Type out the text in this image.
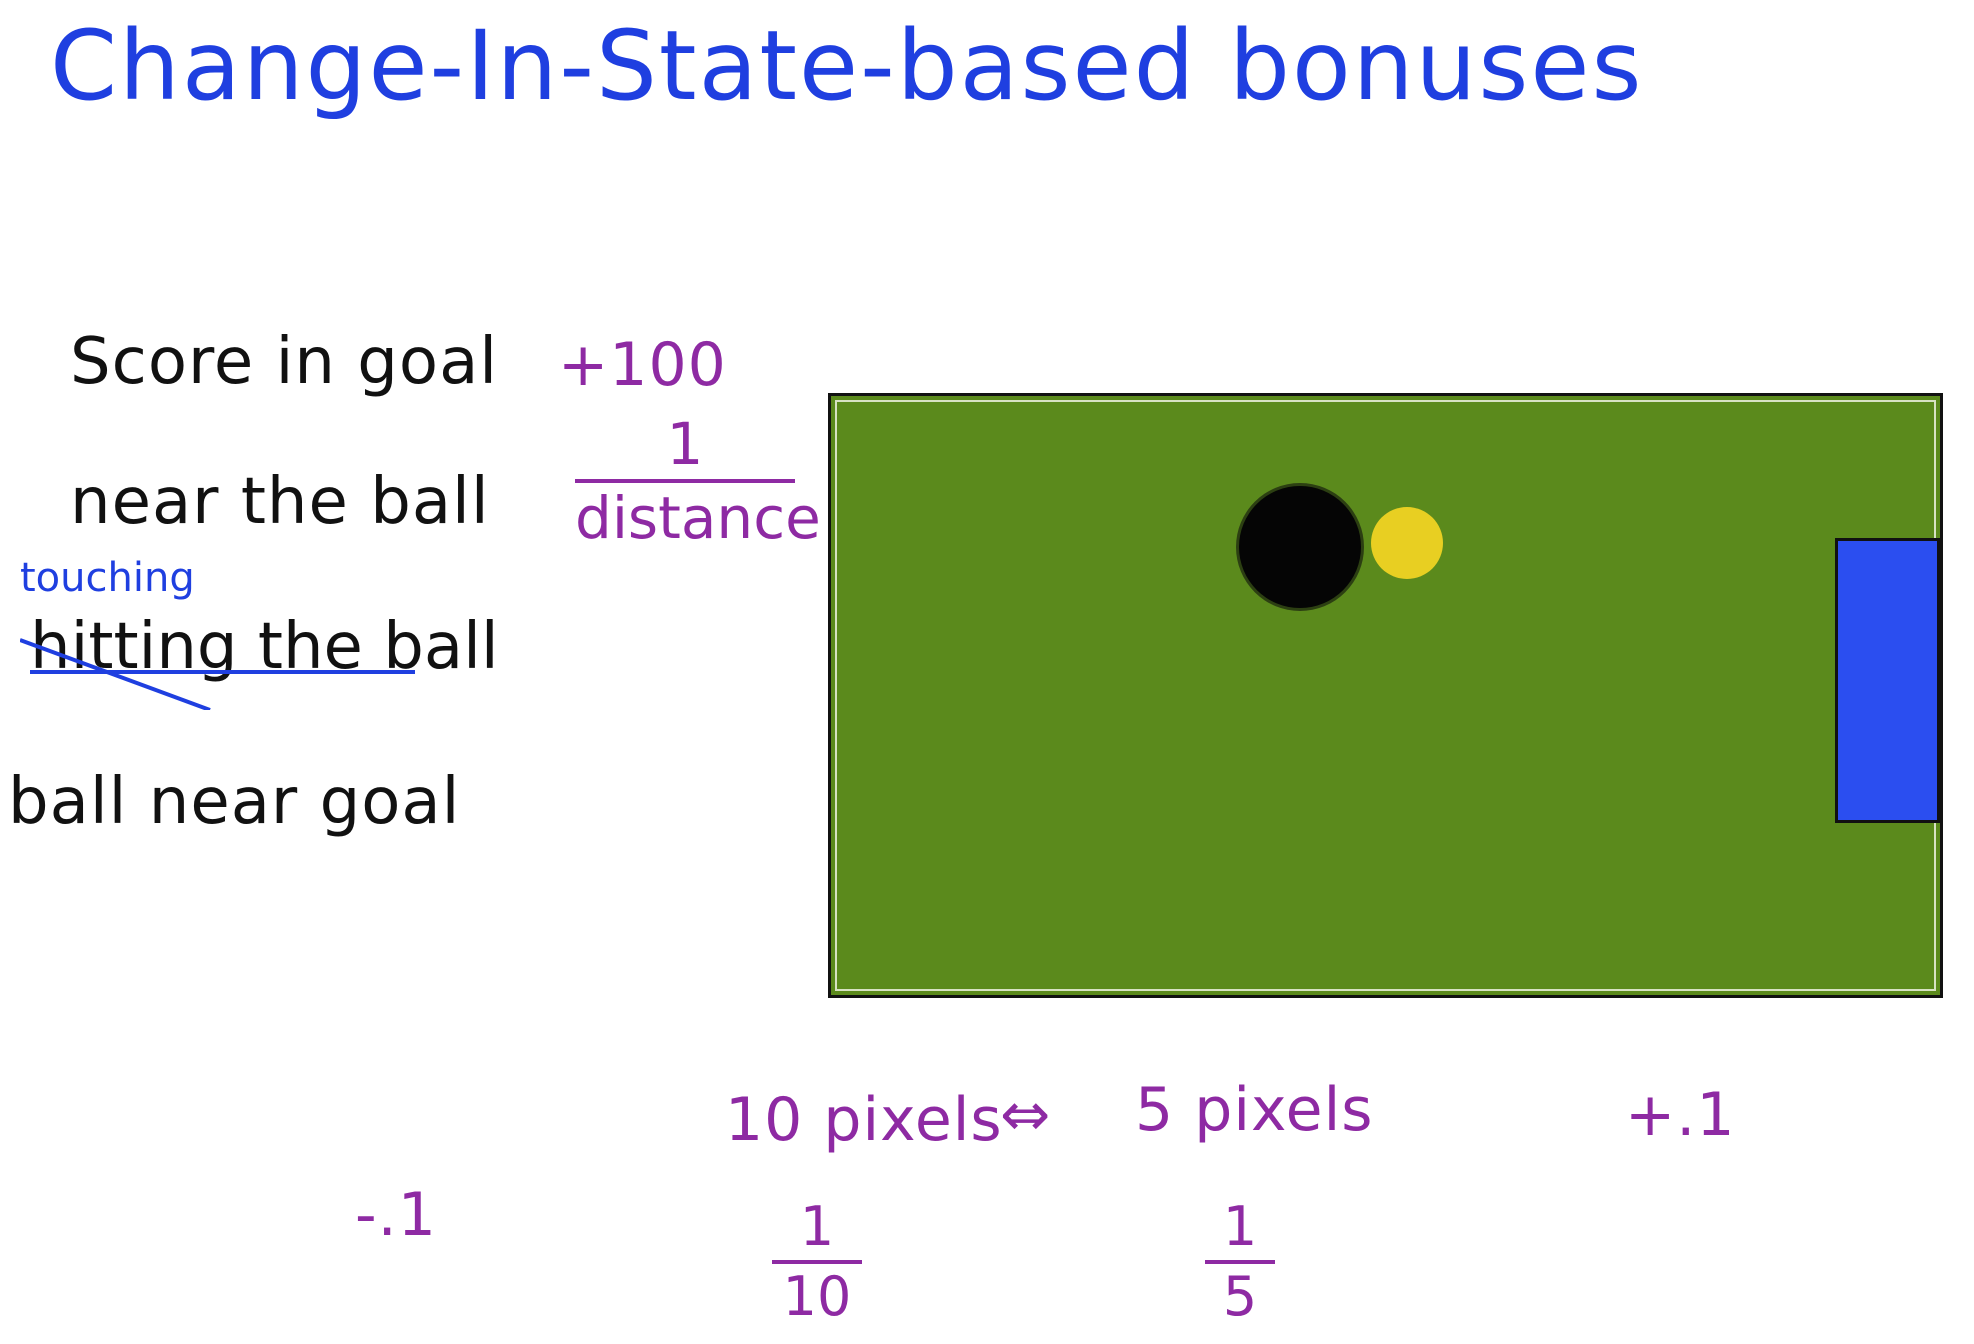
Change-In-State-based bonuses
Score in goal +100
near the ball
1
distance
touching
hitting the ball
ball near goal
10 pixels
⇔ 5 pixels	+.1
-.1	1
10
1
5
